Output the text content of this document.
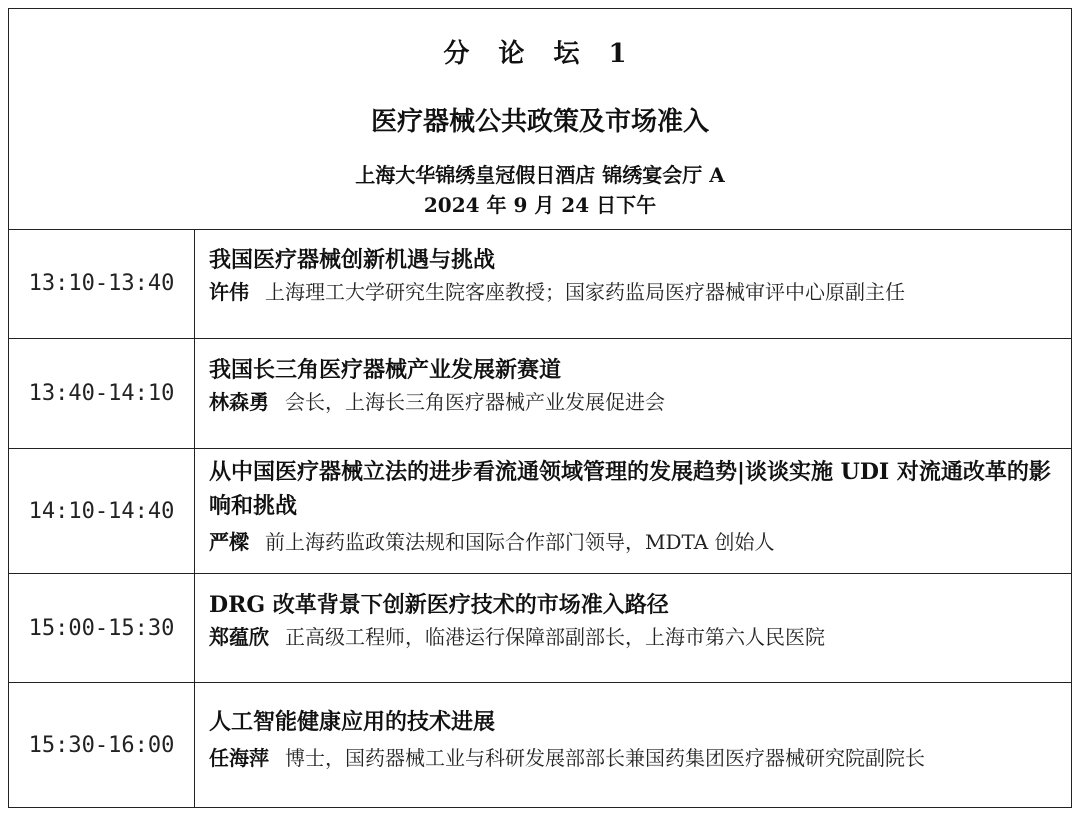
分 论 坛 1
医疗器械公共政策及市场准入
上海大华锦绣皇冠假日酒店 锦绣宴会厅 A
2024 年 9 月 24 日下午
13:10-13:40
我国医疗器械创新机遇与挑战
许伟 上海理工大学研究生院客座教授；国家药监局医疗器械审评中心原副主任
13:40-14:10
我国长三角医疗器械产业发展新赛道
林森勇 会长，上海长三角医疗器械产业发展促进会
14:10-14:40
从中国医疗器械立法的进步看流通领域管理的发展趋势|谈谈实施 UDI 对流通改革的影响和挑战
严樑 前上海药监政策法规和国际合作部门领导，MDTA 创始人
15:00-15:30
DRG 改革背景下创新医疗技术的市场准入路径
郑蕴欣 正高级工程师，临港运行保障部副部长，上海市第六人民医院
15:30-16:00
人工智能健康应用的技术进展
任海萍 博士，国药器械工业与科研发展部部长兼国药集团医疗器械研究院副院长
